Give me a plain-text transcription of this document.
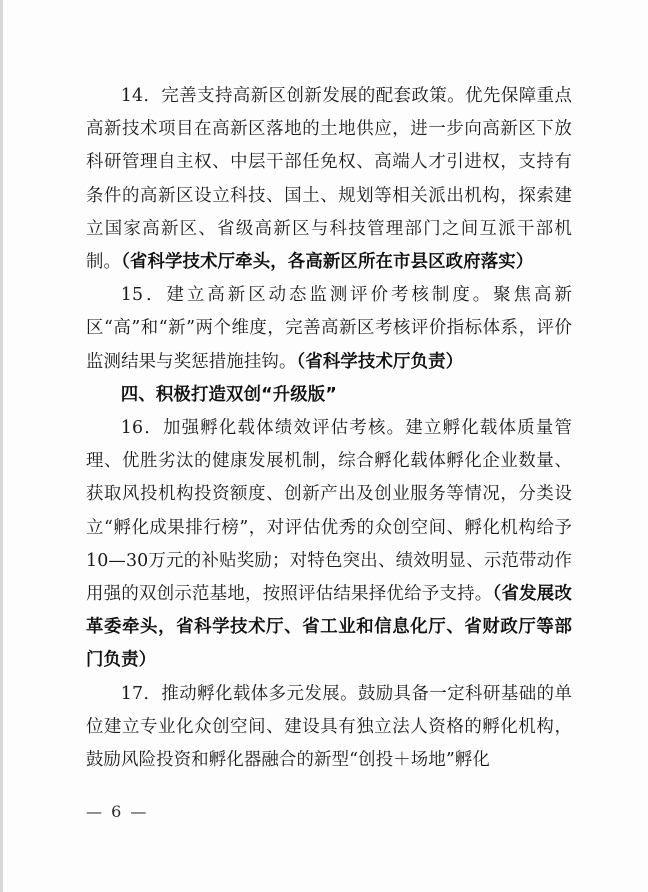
14．完善支持高新区创新发展的配套政策。优先保障重点高新技术项目在高新区落地的土地供应，进一步向高新区下放科研管理自主权、中层干部任免权、高端人才引进权，支持有条件的高新区设立科技、国土、规划等相关派出机构，探索建立国家高新区、省级高新区与科技管理部门之间互派干部机制。（省科学技术厅牵头，各高新区所在市县区政府落实）

15．建立高新区动态监测评价考核制度。聚焦高新区“高”和“新”两个维度，完善高新区考核评价指标体系，评价监测结果与奖惩措施挂钩。（省科学技术厅负责）

四、积极打造双创“升级版”

16．加强孵化载体绩效评估考核。建立孵化载体质量管理、优胜劣汰的健康发展机制，综合孵化载体孵化企业数量、获取风投机构投资额度、创新产出及创业服务等情况，分类设立“孵化成果排行榜”，对评估优秀的众创空间、孵化机构给予10—30万元的补贴奖励；对特色突出、绩效明显、示范带动作用强的双创示范基地，按照评估结果择优给予支持。（省发展改革委牵头，省科学技术厅、省工业和信息化厅、省财政厅等部门负责）

17．推动孵化载体多元发展。鼓励具备一定科研基础的单位建立专业化众创空间、建设具有独立法人资格的孵化机构，鼓励风险投资和孵化器融合的新型“创投＋场地”孵化

— 6 —
